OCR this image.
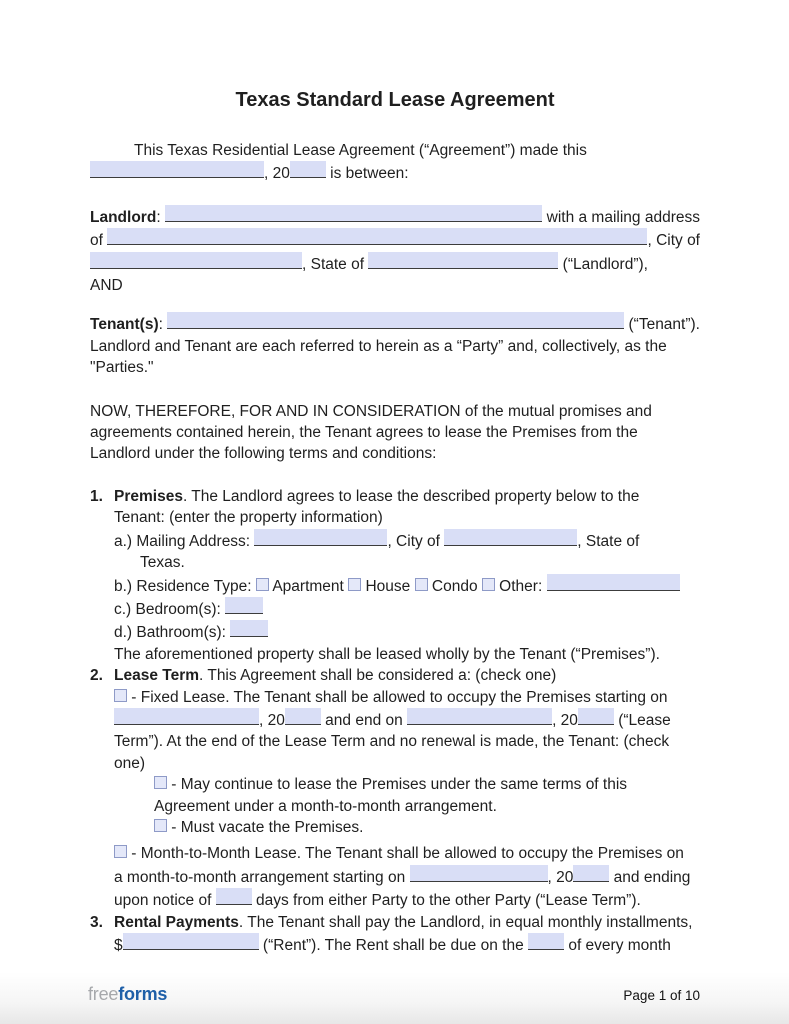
Texas Standard Lease Agreement
This Texas Residential Lease Agreement (“Agreement”) made this
, 20 is between:
Landlord :	with a mailing address
of	, City of
, State of	(“Landlord”),
AND
Tenant(s) :	(“Tenant”).
Landlord and Tenant are each referred to herein as a “Party” and, collectively, as the
"Parties."
NOW, THEREFORE, FOR AND IN CONSIDERATION of the mutual promises and
agreements contained herein, the Tenant agrees to lease the Premises from the
Landlord under the following terms and conditions:
1. Premises. The Landlord agrees to lease the described property below to the
Tenant: (enter the property information)
a.) Mailing Address:	, City of	, State of
Texas.
b.) Residence Type:  Apartment  House  Condo  Other:
c.) Bedroom(s):
d.) Bathroom(s):
The aforementioned property shall be leased wholly by the Tenant (“Premises”).
2. Lease Term. This Agreement shall be considered a: (check one)
- Fixed Lease. The Tenant shall be allowed to occupy the Premises starting on
, 20 and end on	, 20 (“Lease
Term”). At the end of the Lease Term and no renewal is made, the Tenant: (check
one)
- May continue to lease the Premises under the same terms of this
Agreement under a month-to-month arrangement.
- Must vacate the Premises.
- Month-to-Month Lease. The Tenant shall be allowed to occupy the Premises on
a month-to-month arrangement starting on	, 20 and ending
upon notice of  days from either Party to the other Party (“Lease Term”).
3. Rental Payments. The Tenant shall pay the Landlord, in equal monthly installments,
$	(“Rent”). The Rent shall be due on the  of every month
freeforms	Page 1 of 10
